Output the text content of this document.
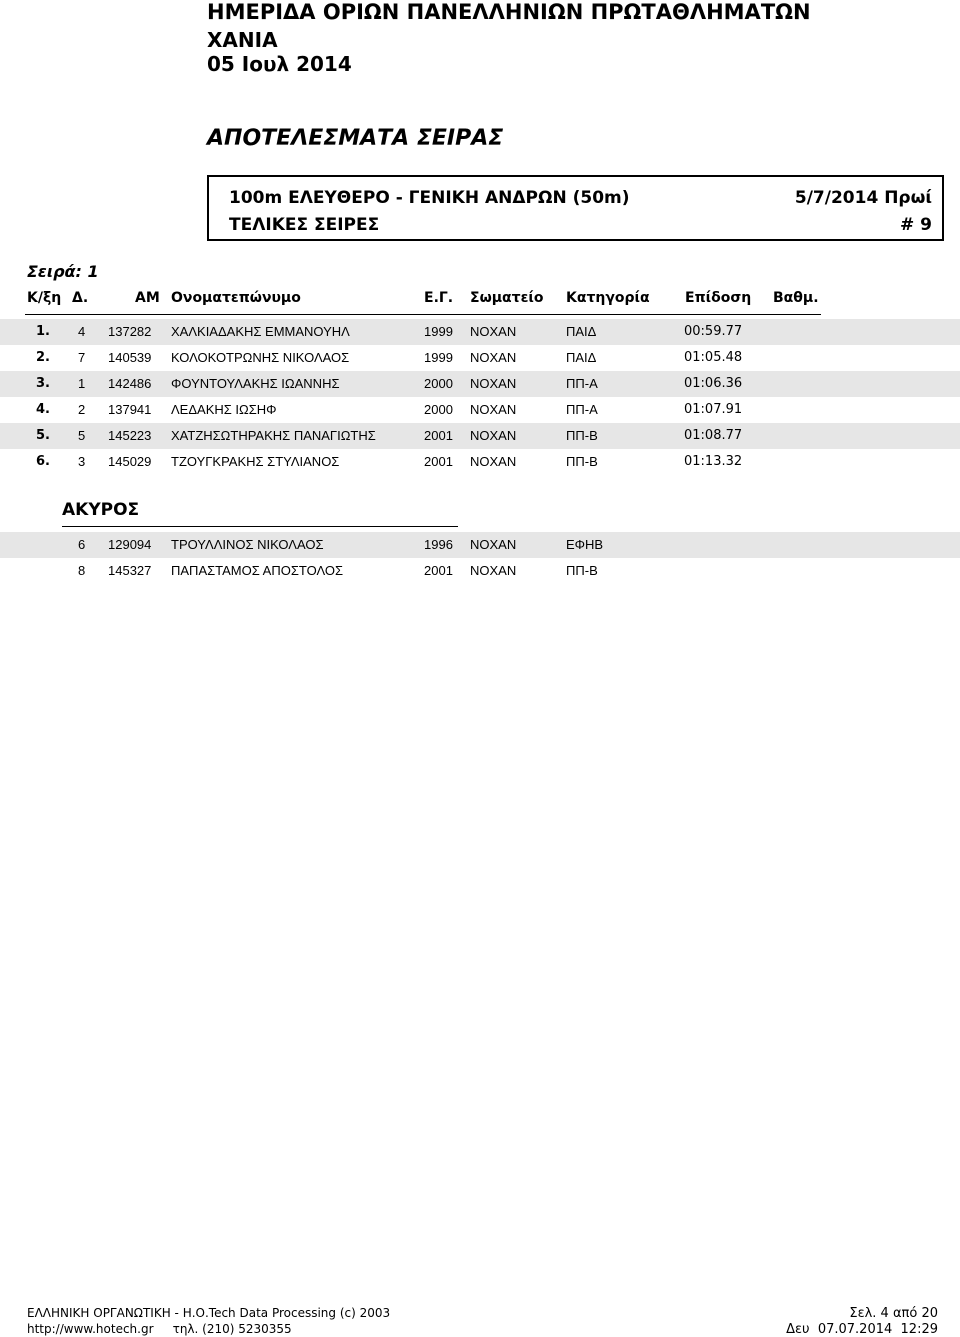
ΗΜΕΡΙΔΑ ΟΡΙΩΝ ΠΑΝΕΛΛΗΝΙΩΝ ΠΡΩΤΑΘΛΗΜΑΤΩΝ
ΧΑΝΙΑ
05 Ιουλ 2014
ΑΠΟΤΕΛΕΣΜΑΤΑ ΣΕΙΡΑΣ
100m ΕΛΕΥΘΕΡΟ - ΓΕΝΙΚΗ ΑΝΔΡΩΝ (50m)	5/7/2014 Πρωί
ΤΕΛΙΚΕΣ ΣΕΙΡΕΣ	# 9
Σειρά: 1
Κ/ξη Δ.	ΑΜ Ονοματεπώνυμο	Ε.Γ. Σωματείο Κατηγορία	Επίδοση Βαθμ.
1. 4 137282 ΧΑΛΚΙΑΔΑΚΗΣ ΕΜΜΑΝΟΥΗΛ	1999 ΝΟΧΑΝ	ΠΑΙΔ	00:59.77
2. 7 140539 ΚΟΛΟΚΟΤΡΩΝΗΣ ΝΙΚΟΛΑΟΣ	1999 ΝΟΧΑΝ	ΠΑΙΔ	01:05.48
3. 1 142486 ΦΟΥΝΤΟΥΛΑΚΗΣ ΙΩΑΝΝΗΣ	2000 ΝΟΧΑΝ	ΠΠ-Α	01:06.36
4. 2 137941 ΛΕΔΑΚΗΣ ΙΩΣΗΦ	2000 ΝΟΧΑΝ	ΠΠ-Α	01:07.91
5. 5 145223 ΧΑΤΖΗΣΩΤΗΡΑΚΗΣ ΠΑΝΑΓΙΩΤΗΣ	2001 ΝΟΧΑΝ	ΠΠ-Β	01:08.77
6. 3 145029 ΤΖΟΥΓΚΡΑΚΗΣ ΣΤΥΛΙΑΝΟΣ	2001 ΝΟΧΑΝ	ΠΠ-Β	01:13.32
ΑΚΥΡΟΣ
6 129094 ΤΡΟΥΛΛΙΝΟΣ ΝΙΚΟΛΑΟΣ	1996 ΝΟΧΑΝ	ΕΦΗΒ
8 145327 ΠΑΠΑΣΤΑΜΟΣ ΑΠΟΣΤΟΛΟΣ	2001 ΝΟΧΑΝ	ΠΠ-Β
ΕΛΛΗΝΙΚΗ ΟΡΓΑΝΩΤΙΚΗ - Η.Ο.Tech Data Processing (c) 2003
http://www.hotech.gr     τηλ. (210) 5230355
Σελ. 4 από 20
Δευ  07.07.2014  12:29
